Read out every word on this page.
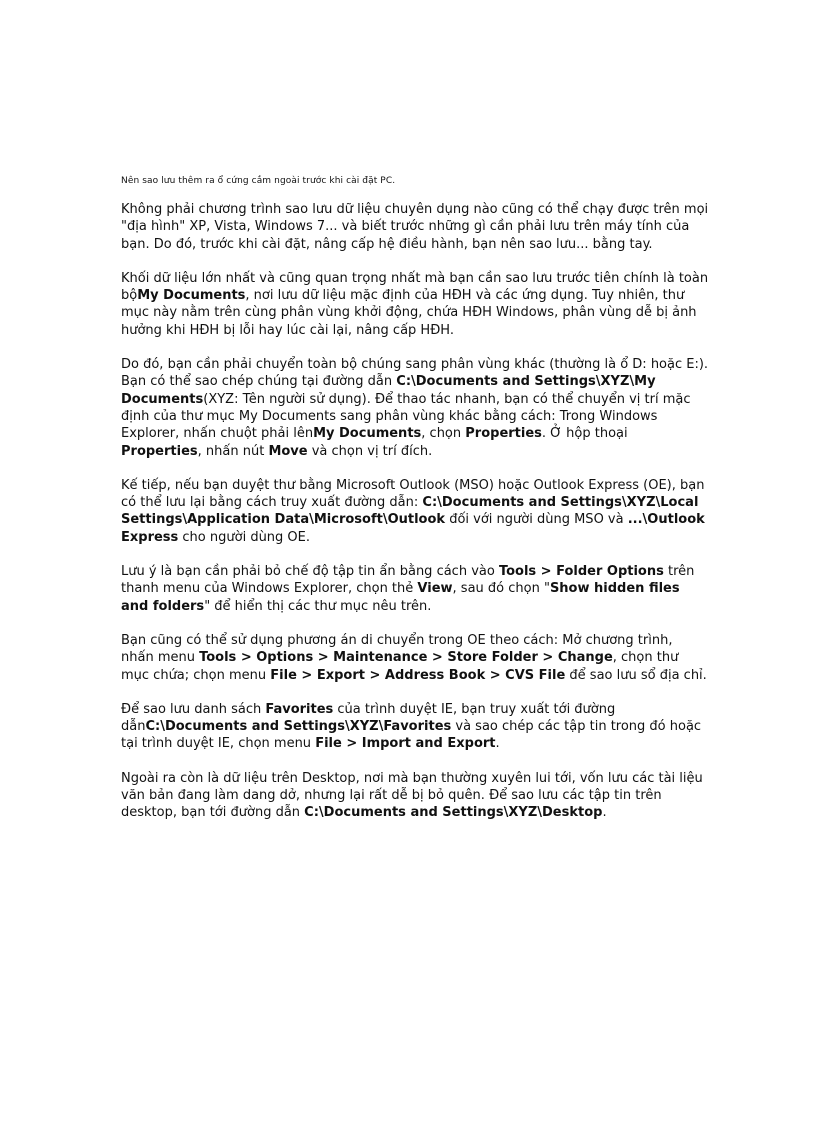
Nên sao lưu thêm ra ổ cứng cắm ngoài trước khi cài đặt PC.

Không phải chương trình sao lưu dữ liệu chuyên dụng nào cũng có thể chạy được trên mọi "địa hình" XP, Vista, Windows 7... và biết trước những gì cần phải lưu trên máy tính của bạn. Do đó, trước khi cài đặt, nâng cấp hệ điều hành, bạn nên sao lưu... bằng tay.

Khối dữ liệu lớn nhất và cũng quan trọng nhất mà bạn cần sao lưu trước tiên chính là toàn bộMy Documents, nơi lưu dữ liệu mặc định của HĐH và các ứng dụng. Tuy nhiên, thư mục này nằm trên cùng phân vùng khởi động, chứa HĐH Windows, phân vùng dễ bị ảnh hưởng khi HĐH bị lỗi hay lúc cài lại, nâng cấp HĐH.

Do đó, bạn cần phải chuyển toàn bộ chúng sang phân vùng khác (thường là ổ D: hoặc E:). Bạn có thể sao chép chúng tại đường dẫn C:\Documents and Settings\XYZ\My Documents(XYZ: Tên người sử dụng). Để thao tác nhanh, bạn có thể chuyển vị trí mặc định của thư mục My Documents sang phân vùng khác bằng cách: Trong Windows Explorer, nhấn chuột phải lênMy Documents, chọn Properties. Ở hộp thoại Properties, nhấn nút Move và chọn vị trí đích.

Kế tiếp, nếu bạn duyệt thư bằng Microsoft Outlook (MSO) hoặc Outlook Express (OE), bạn có thể lưu lại bằng cách truy xuất đường dẫn: C:\Documents and Settings\XYZ\Local Settings\Application Data\Microsoft\Outlook đối với người dùng MSO và ...\Outlook Express cho người dùng OE.

Lưu ý là bạn cần phải bỏ chế độ tập tin ẩn bằng cách vào Tools > Folder Options trên thanh menu của Windows Explorer, chọn thẻ View, sau đó chọn "Show hidden files and folders" để hiển thị các thư mục nêu trên.

Bạn cũng có thể sử dụng phương án di chuyển trong OE theo cách: Mở chương trình, nhấn menu Tools > Options > Maintenance > Store Folder > Change, chọn thư mục chứa; chọn menu File > Export > Address Book > CVS File để sao lưu sổ địa chỉ.

Để sao lưu danh sách Favorites của trình duyệt IE, bạn truy xuất tới đường dẫnC:\Documents and Settings\XYZ\Favorites và sao chép các tập tin trong đó hoặc tại trình duyệt IE, chọn menu File > Import and Export.

Ngoài ra còn là dữ liệu trên Desktop, nơi mà bạn thường xuyên lui tới, vốn lưu các tài liệu văn bản đang làm dang dở, nhưng lại rất dễ bị bỏ quên. Để sao lưu các tập tin trên desktop, bạn tới đường dẫn C:\Documents and Settings\XYZ\Desktop.
